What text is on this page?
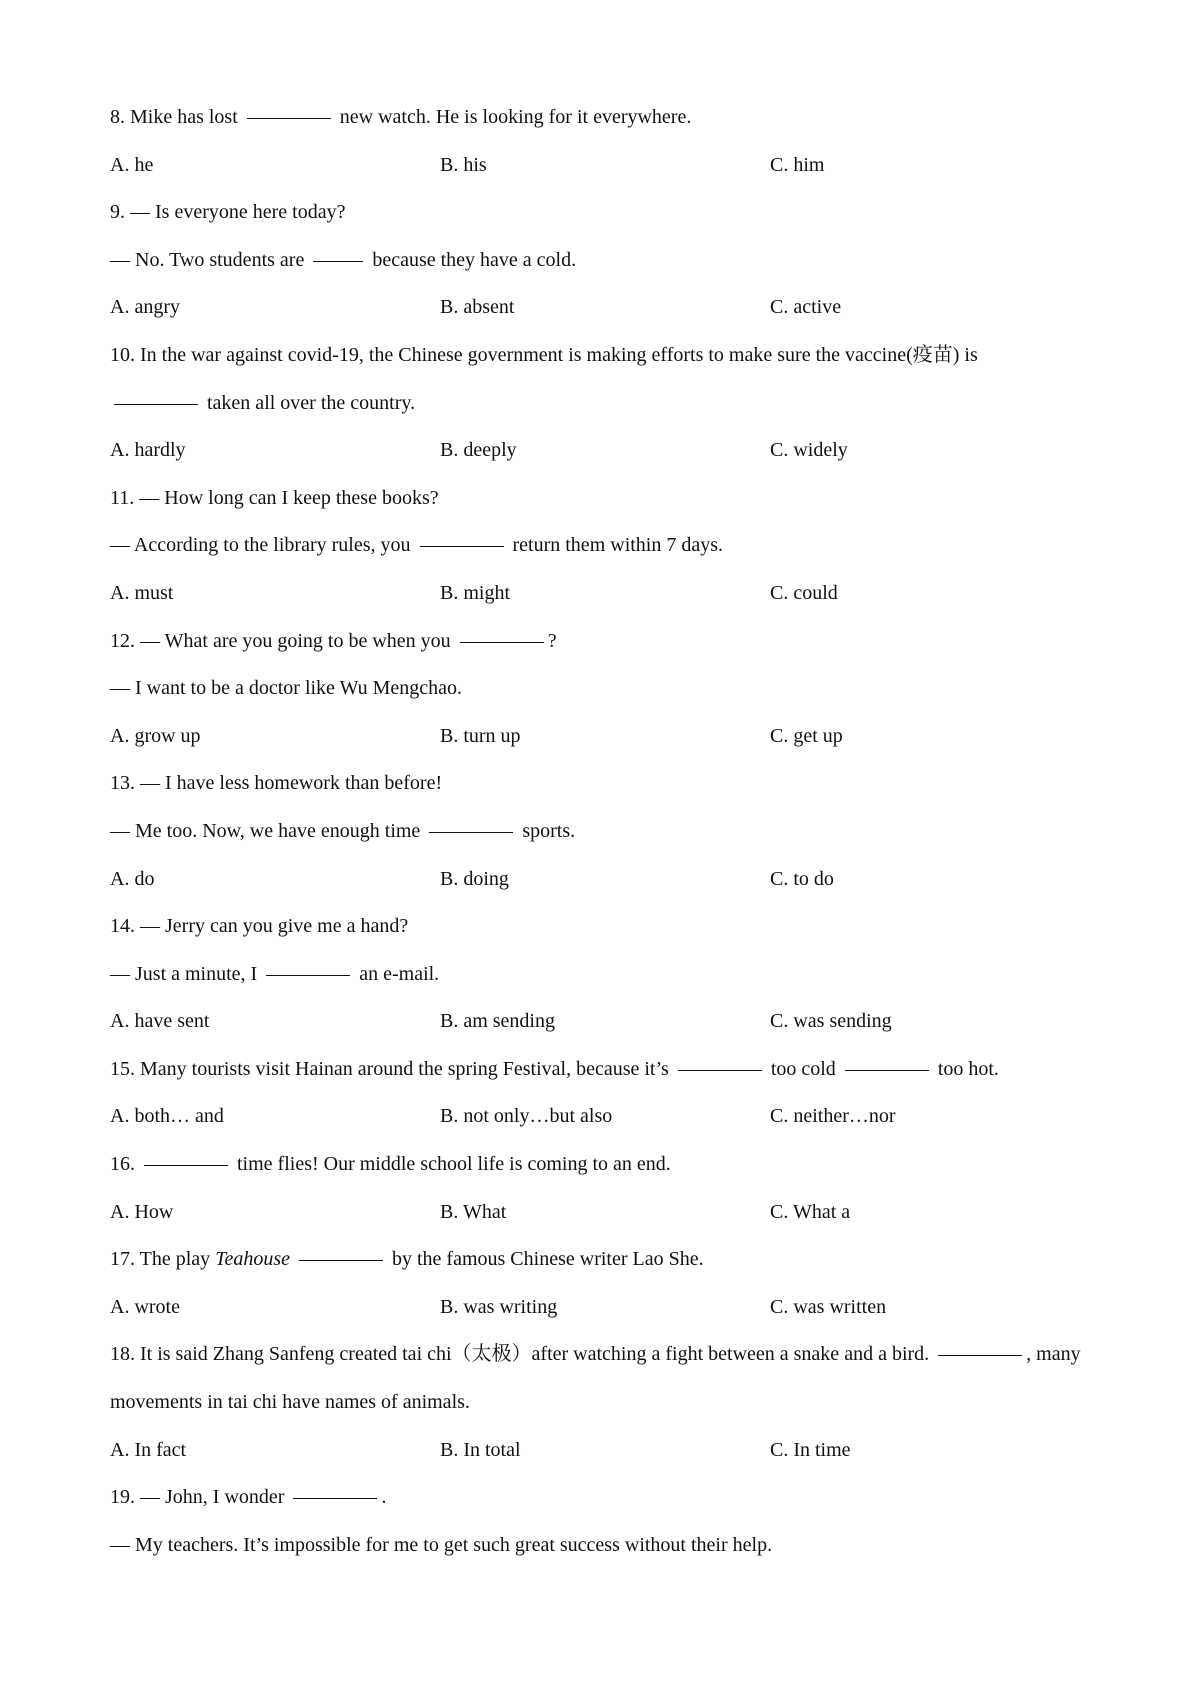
8. Mike has lost	new watch. He is looking for it everywhere.
A. he	B. his	C. him
9. — Is everyone here today?
— No. Two students are	because they have a cold.
A. angry	B. absent	C. active
10. In the war against covid-19, the Chinese government is making efforts to make sure the vaccine(疫苗) is
taken all over the country.
A. hardly	B. deeply	C. widely
11. — How long can I keep these books?
— According to the library rules, you	return them within 7 days.
A. must	B. might	C. could
12. — What are you going to be when you	?
— I want to be a doctor like Wu Mengchao.
A. grow up	B. turn up	C. get up
13. — I have less homework than before!
— Me too. Now, we have enough time	sports.
A. do	B. doing	C. to do
14. — Jerry can you give me a hand?
— Just a minute, I	an e-mail.
A. have sent	B. am sending	C. was sending
15. Many tourists visit Hainan around the spring Festival, because it’s	too cold	too hot.
A. both… and	B. not only…but also	C. neither…nor
16.	time flies! Our middle school life is coming to an end.
A. How	B. What	C. What a
17. The play Teahouse	by the famous Chinese writer Lao She.
A. wrote	B. was writing	C. was written
18. It is said Zhang Sanfeng created tai chi（太极）after watching a fight between a snake and a bird.	, many
movements in tai chi have names of animals.
A. In fact	B. In total	C. In time
19. — John, I wonder	.
— My teachers. It’s impossible for me to get such great success without their help.
